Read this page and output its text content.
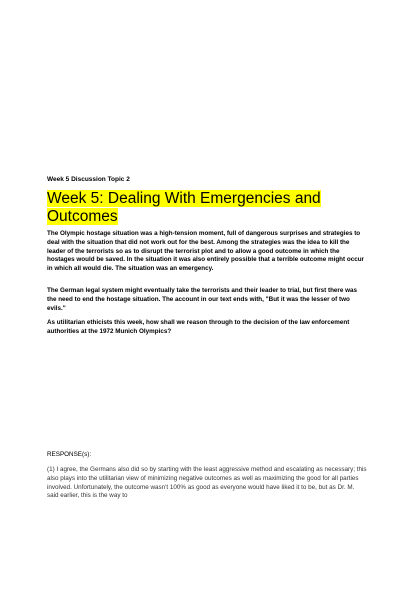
Week 5 Discussion Topic 2

Week 5: Dealing With Emergencies and Outcomes

The Olympic hostage situation was a high-tension moment, full of dangerous surprises and strategies to deal with the situation that did not work out for the best. Among the strategies was the idea to kill the leader of the terrorists so as to disrupt the terrorist plot and to allow a good outcome in which the hostages would be saved. In the situation it was also entirely possible that a terrible outcome might occur in which all would die. The situation was an emergency.

The German legal system might eventually take the terrorists and their leader to trial, but first there was the need to end the hostage situation. The account in our text ends with, "But it was the lesser of two evils."

As utilitarian ethicists this week, how shall we reason through to the decision of the law enforcement authorities at the 1972 Munich Olympics?

RESPONSE(s):

(1) I agree, the Germans also did so by starting with the least aggressive method and escalating as necessary; this also plays into the utilitarian view of minimizing negative outcomes as well as maximizing the good for all parties involved. Unfortunately, the outcome wasn't 100% as good as everyone would have liked it to be, but as Dr. M. said earlier, this is the way to
